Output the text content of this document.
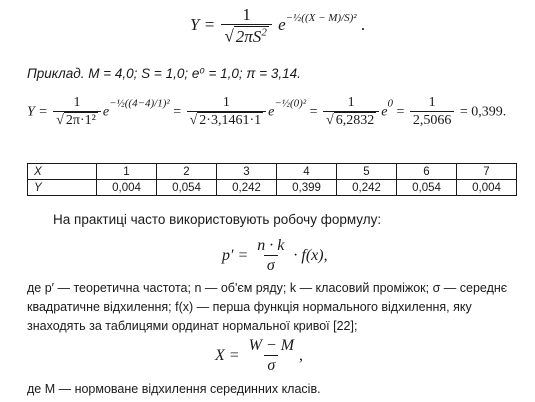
$Y = \frac{1}{√ 2\pi S^2} e^{-\frac{1}{2}((X - M)/S)^2}$ .
Приклад. M = 4,0; S = 1,0; e⁰ = 1,0; π = 3,14.
$Y = \frac{1}{\text{√ 2π·1²}} e^{-\frac{1}{2}((4-4)/1)^2} = \frac{1}{√ 2\cdot 3,1461\cdot 1} e^{-\frac{1}{2}(0)^2} = \frac{1}{√ 6,2832} e^0 = \frac{1}{2,5066} = 0,399$.
X	1	2	3	4	5	6	7
Y	0,004	0,054	0,242	0,399	0,242	0,054	0,004
На практиці часто використовують робочу формулу:
$p' = \frac{n \cdot k}{\sigma} \cdot f(x)$,
де p′ — теоретична частота; n — об'єм ряду; k — класовий проміжок; σ — середнє
квадратичне відхилення; f(x) — перша функція нормального відхилення, яку
знаходять за таблицями ординат нормальної кривої [22];
$X = \frac{W - M}{\sigma}$ ,
де M — нормоване відхилення серединних класів.
